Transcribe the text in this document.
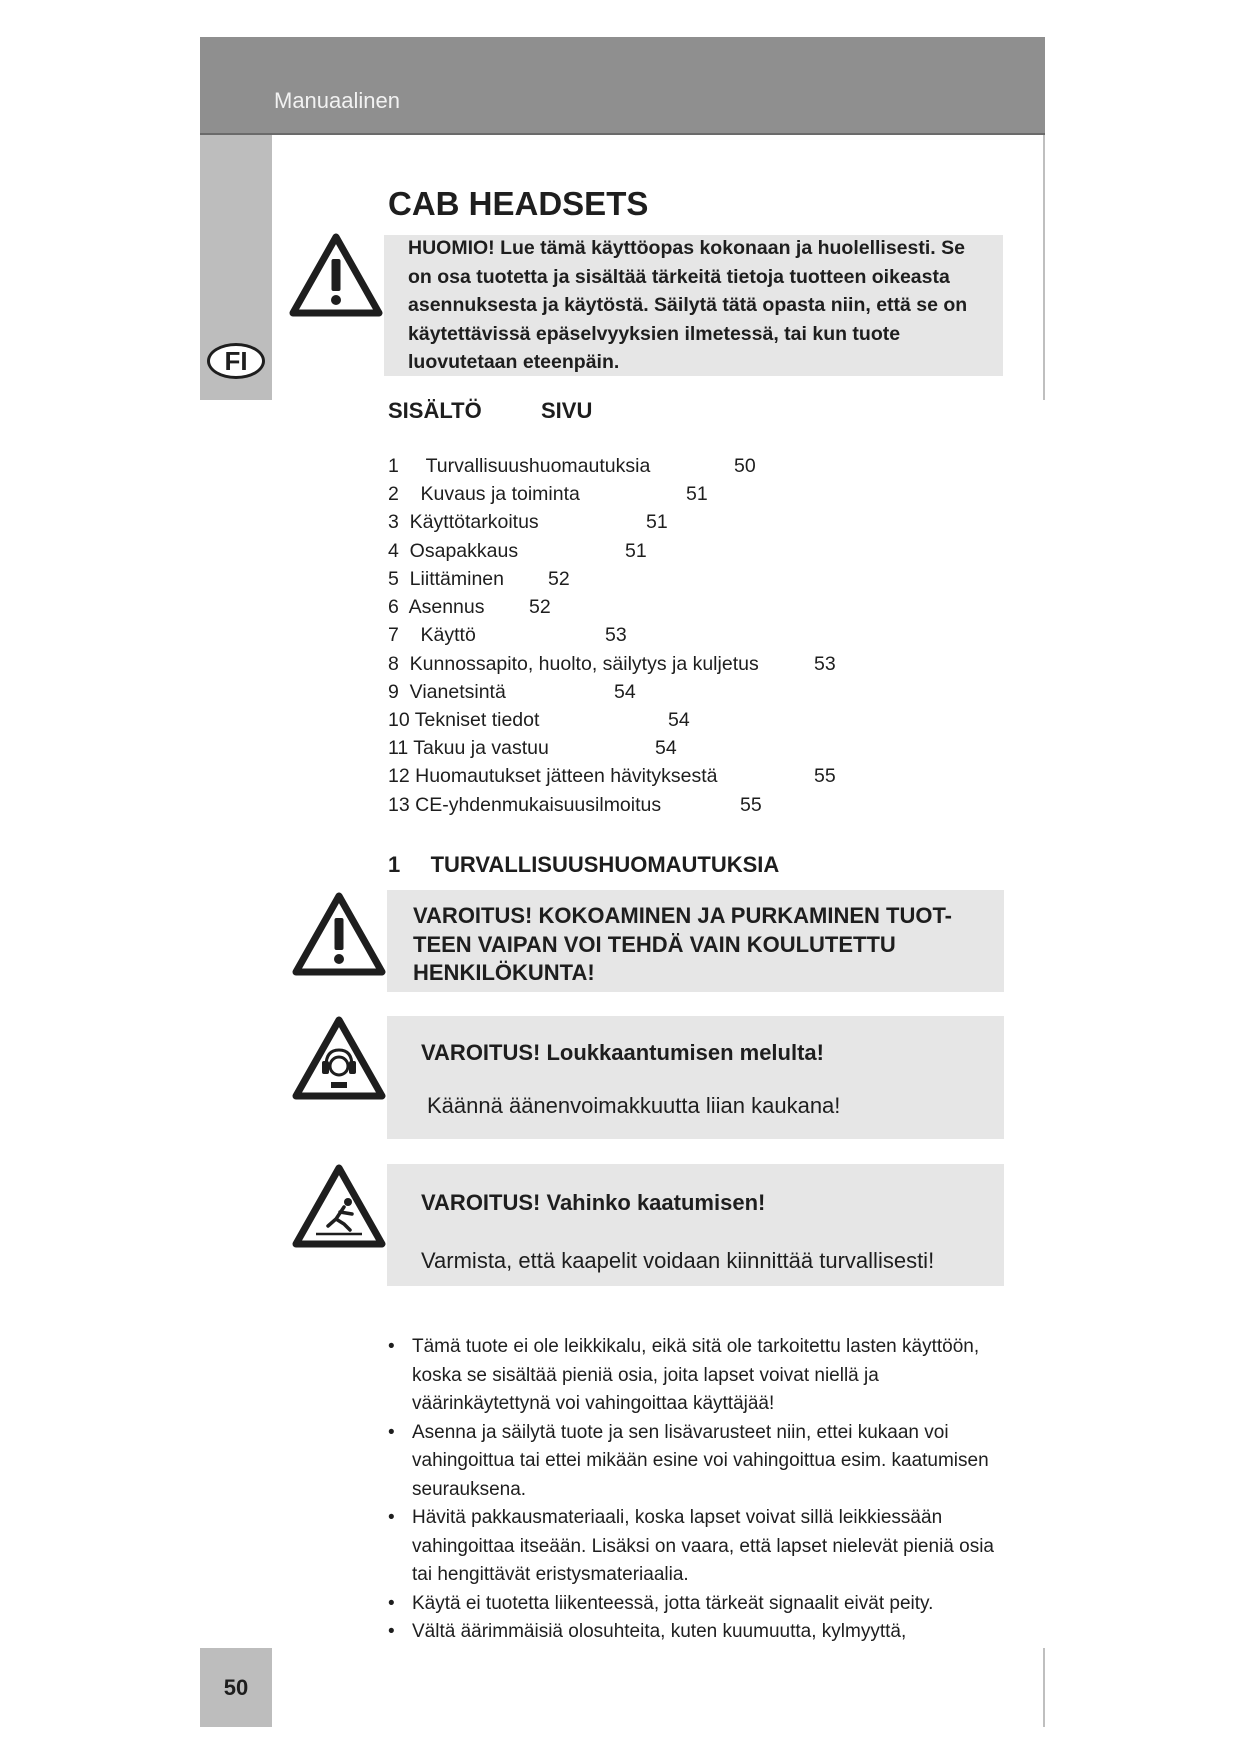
Manuaalinen
FI
50
CAB HEADSETS
HUOMIO! Lue tämä käyttöopas kokonaan ja huolellisesti. Se on osa tuotetta ja sisältää tärkeitä tietoja tuotteen oikeasta asennuksesta ja käytöstä. Säilytä tätä opasta niin, että se on käytettävissä epäselvyyksien ilmetessä, tai kun tuote luovutetaan eteenpäin.
SISÄLTÖ	SIVU
1     Turvallisuushuomautuksia	50
2    Kuvaus ja toiminta	51
3  Käyttötarkoitus	51
4  Osapakkaus	51
5  Liittäminen 52
6  Asennus 52
7    Käyttö	53
8  Kunnossapito, huolto, säilytys ja kuljetus	53
9  Vianetsintä	54
10 Tekniset tiedot	54
11 Takuu ja vastuu	54
12 Huomautukset jätteen hävityksestä	55
13 CE-yhdenmukaisuusilmoitus	55
1   TURVALLISUUSHUOMAUTUKSIA
VAROITUS! KOKOAMINEN JA PURKAMINEN TUOT-TEEN VAIPAN VOI TEHDÄ VAIN KOULUTETTU HENKILÖKUNTA!
VAROITUS! Loukkaantumisen melulta!
Käännä äänenvoimakkuutta liian kaukana!
VAROITUS! Vahinko kaatumisen!
Varmista, että kaapelit voidaan kiinnittää turvallisesti!
• Tämä tuote ei ole leikkikalu, eikä sitä ole tarkoitettu lasten käyttöön, koska se sisältää pieniä osia, joita lapset voivat niellä ja väärinkäytettynä voi vahingoittaa käyttäjää!
• Asenna ja säilytä tuote ja sen lisävarusteet niin, ettei kukaan voi vahingoittua tai ettei mikään esine voi vahingoittua esim. kaatumisen seurauksena.
• Hävitä pakkausmateriaali, koska lapset voivat sillä leikkiessään vahingoittaa itseään. Lisäksi on vaara, että lapset nielevät pieniä osia tai hengittävät eristysmateriaalia.
• Käytä ei tuotetta liikenteessä, jotta tärkeät signaalit eivät peity.
• Vältä äärimmäisiä olosuhteita, kuten kuumuutta, kylmyyttä,
